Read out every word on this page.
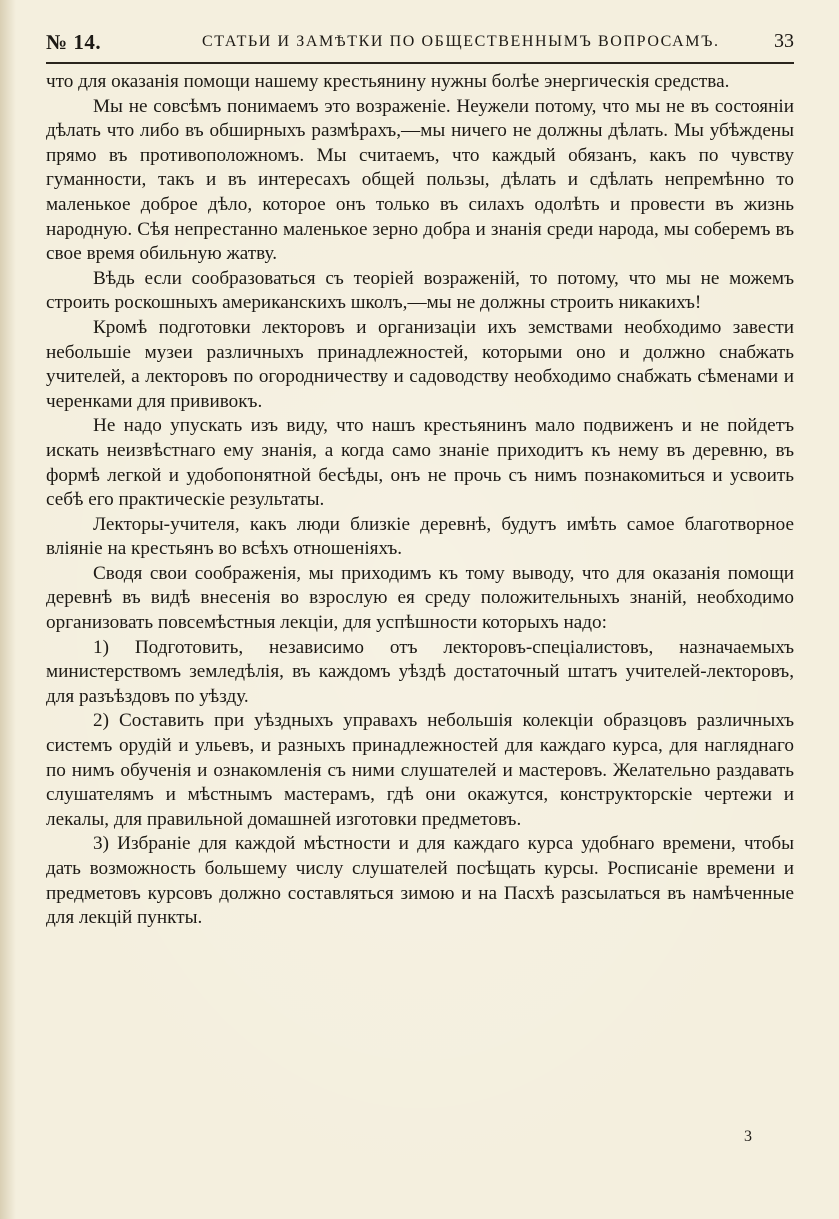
№ 14.	СТАТЬИ И ЗАМѢТКИ ПО ОБЩЕСТВЕННЫМЪ ВОПРОСАМЪ.	33

что для оказанія помощи нашему крестьянину нужны болѣе энергическія средства.

Мы не совсѣмъ понимаемъ это возраженіе. Неужели потому, что мы не въ состояніи дѣлать что либо въ обширныхъ размѣрахъ,—мы ничего не должны дѣлать. Мы убѣждены прямо въ противоположномъ. Мы считаемъ, что каждый обязанъ, какъ по чувству гуманности, такъ и въ интересахъ общей пользы, дѣлать и сдѣлать непремѣнно то маленькое доброе дѣло, которое онъ только въ силахъ одолѣть и провести въ жизнь народную. Сѣя непрестанно маленькое зерно добра и знанія среди народа, мы соберемъ въ свое время обильную жатву.

Вѣдь если сообразоваться съ теоріей возраженій, то потому, что мы не можемъ строить роскошныхъ американскихъ школъ,—мы не должны строить никакихъ!

Кромѣ подготовки лекторовъ и организаціи ихъ земствами необходимо завести небольшіе музеи различныхъ принадлежностей, которыми оно и должно снабжать учителей, а лекторовъ по огородничеству и садоводству необходимо снабжать сѣменами и черенками для прививокъ.

Не надо упускать изъ виду, что нашъ крестьянинъ мало подвиженъ и не пойдетъ искать неизвѣстнаго ему знанія, а когда само знаніе приходитъ къ нему въ деревню, въ формѣ легкой и удобопонятной бесѣды, онъ не прочь съ нимъ познакомиться и усвоить себѣ его практическіе результаты.

Лекторы-учителя, какъ люди близкіе деревнѣ, будутъ имѣть самое благотворное вліяніе на крестьянъ во всѣхъ отношеніяхъ.

Сводя свои соображенія, мы приходимъ къ тому выводу, что для оказанія помощи деревнѣ въ видѣ внесенія во взрослую ея среду положительныхъ знаній, необходимо организовать повсемѣстныя лекціи, для успѣшности которыхъ надо:

1) Подготовить, независимо отъ лекторовъ-спеціалистовъ, назначаемыхъ министерствомъ земледѣлія, въ каждомъ уѣздѣ достаточный штатъ учителей-лекторовъ, для разъѣздовъ по уѣзду.

2) Составить при уѣздныхъ управахъ небольшія колекціи образцовъ различныхъ системъ орудій и ульевъ, и разныхъ принадлежностей для каждаго курса, для нагляднаго по нимъ обученія и ознакомленія съ ними слушателей и мастеровъ. Желательно раздавать слушателямъ и мѣстнымъ мастерамъ, гдѣ они окажутся, конструкторскіе чертежи и лекалы, для правильной домашней изготовки предметовъ.

3) Избраніе для каждой мѣстности и для каждаго курса удобнаго времени, чтобы дать возможность большему числу слушателей посѣщать курсы. Росписаніе времени и предметовъ курсовъ должно составляться зимою и на Пасхѣ разсылаться въ намѣченные для лекцій пункты.

3
